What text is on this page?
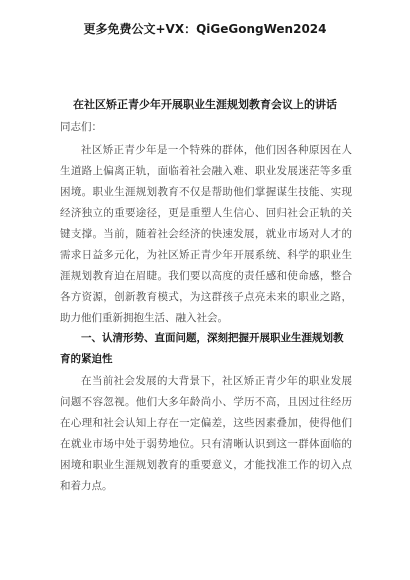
更多免费公文+VX：QiGeGongWen2024
在社区矫正青少年开展职业生涯规划教育会议上的讲话
同志们：

社区矫正青少年是一个特殊的群体，他们因各种原因在人生道路上偏离正轨，面临着社会融入难、职业发展迷茫等多重困境。职业生涯规划教育不仅是帮助他们掌握谋生技能、实现经济独立的重要途径，更是重塑人生信心、回归社会正轨的关键支撑。当前，随着社会经济的快速发展，就业市场对人才的需求日益多元化，为社区矫正青少年开展系统、科学的职业生涯规划教育迫在眉睫。我们要以高度的责任感和使命感，整合各方资源，创新教育模式，为这群孩子点亮未来的职业之路，助力他们重新拥抱生活、融入社会。

一、认清形势、直面问题，深刻把握开展职业生涯规划教育的紧迫性

在当前社会发展的大背景下，社区矫正青少年的职业发展问题不容忽视。他们大多年龄尚小、学历不高，且因过往经历在心理和社会认知上存在一定偏差，这些因素叠加，使得他们在就业市场中处于弱势地位。只有清晰认识到这一群体面临的困境和职业生涯规划教育的重要意义，才能找准工作的切入点和着力点。
